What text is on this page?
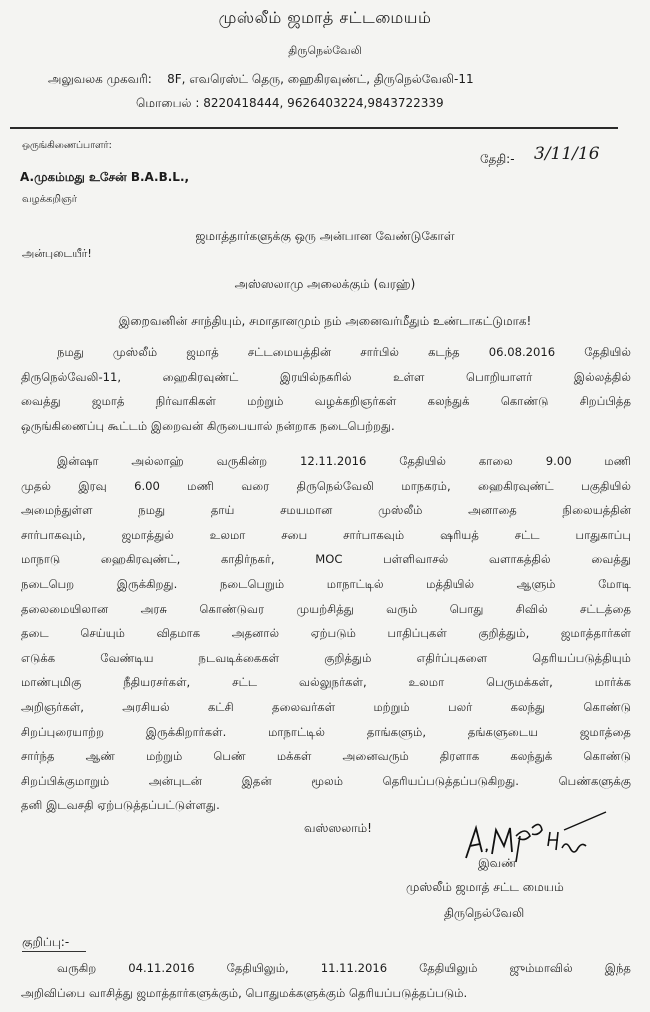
முஸ்லீம் ஜமாத் சட்டமையம்
திருநெல்வேலி
அலுவலக முகவரி: 8F, எவரெஸ்ட் தெரு, ஹைகிரவுண்ட், திருநெல்வேலி-11
மொபைல் : 8220418444, 9626403224,9843722339
ஒருங்கிணைப்பாளர்:
தேதி:- 3/11/16
A.முகம்மது உசேன் B.A.B.L.,
வழக்கறிஞர்
ஜமாத்தார்களுக்கு ஒரு அன்பான வேண்டுகோள்
அன்புடையீர்!
அஸ்ஸலாமு அலைக்கும் (வரஹ்)
இறைவனின் சாந்தியும், சமாதானமும் நம் அனைவர்மீதும் உண்டாகட்டுமாக!
நமது முஸ்லீம் ஜமாத் சட்டமையத்தின் சார்பில் கடந்த 06.08.2016 தேதியில்
திருநெல்வேலி-11, ஹைகிரவுண்ட் இரயில்நகரில் உள்ள பொறியாளர் இல்லத்தில்
வைத்து ஜமாத் நிர்வாகிகள் மற்றும் வழக்கறிஞர்கள் கலந்துக் கொண்டு சிறப்பித்த
ஒருங்கிணைப்பு கூட்டம் இறைவன் கிருபையால் நன்றாக நடைபெற்றது.
இன்ஷா அல்லாஹ் வருகின்ற 12.11.2016 தேதியில் காலை 9.00 மணி
முதல் இரவு 6.00 மணி வரை திருநெல்வேலி மாநகரம், ஹைகிரவுண்ட் பகுதியில்
அமைந்துள்ள நமது தாய் சமயமான முஸ்லீம் அனாதை நிலையத்தின்
சார்பாகவும், ஜமாத்துல் உலமா சபை சார்பாகவும் ஷரியத் சட்ட பாதுகாப்பு
மாநாடு ஹைகிரவுண்ட், காதிர்நகர், MOC பள்ளிவாசல் வளாகத்தில் வைத்து
நடைபெற இருக்கிறது. நடைபெறும் மாநாட்டில் மத்தியில் ஆளும் மோடி
தலைமையிலான அரசு கொண்டுவர முயற்சித்து வரும் பொது சிவில் சட்டத்தை
தடை செய்யும் விதமாக அதனால் ஏற்படும் பாதிப்புகள் குறித்தும், ஜமாத்தார்கள்
எடுக்க வேண்டிய நடவடிக்கைகள் குறித்தும் எதிர்ப்புகளை தெரியப்படுத்தியும்
மாண்புமிகு நீதியரசர்கள், சட்ட வல்லுநர்கள், உலமா பெருமக்கள், மார்க்க
அறிஞர்கள், அரசியல் கட்சி தலைவர்கள் மற்றும் பலர் கலந்து கொண்டு
சிறப்புரையாற்ற இருக்கிறார்கள். மாநாட்டில் தாங்களும், தங்களுடைய ஜமாத்தை
சார்ந்த ஆண் மற்றும் பெண் மக்கள் அனைவரும் திரளாக கலந்துக் கொண்டு
சிறப்பிக்குமாறும் அன்புடன் இதன் மூலம் தெரியப்படுத்தப்படுகிறது. பெண்களுக்கு
தனி இடவசதி ஏற்படுத்தப்பட்டுள்ளது.
வஸ்ஸலாம்!
இவண்
முஸ்லீம் ஜமாத் சட்ட மையம்
திருநெல்வேலி
குறிப்பு:-
வருகிற 04.11.2016 தேதியிலும், 11.11.2016 தேதியிலும் ஜும்மாவில் இந்த
அறிவிப்பை வாசித்து ஜமாத்தார்களுக்கும், பொதுமக்களுக்கும் தெரியப்படுத்தப்படும்.
